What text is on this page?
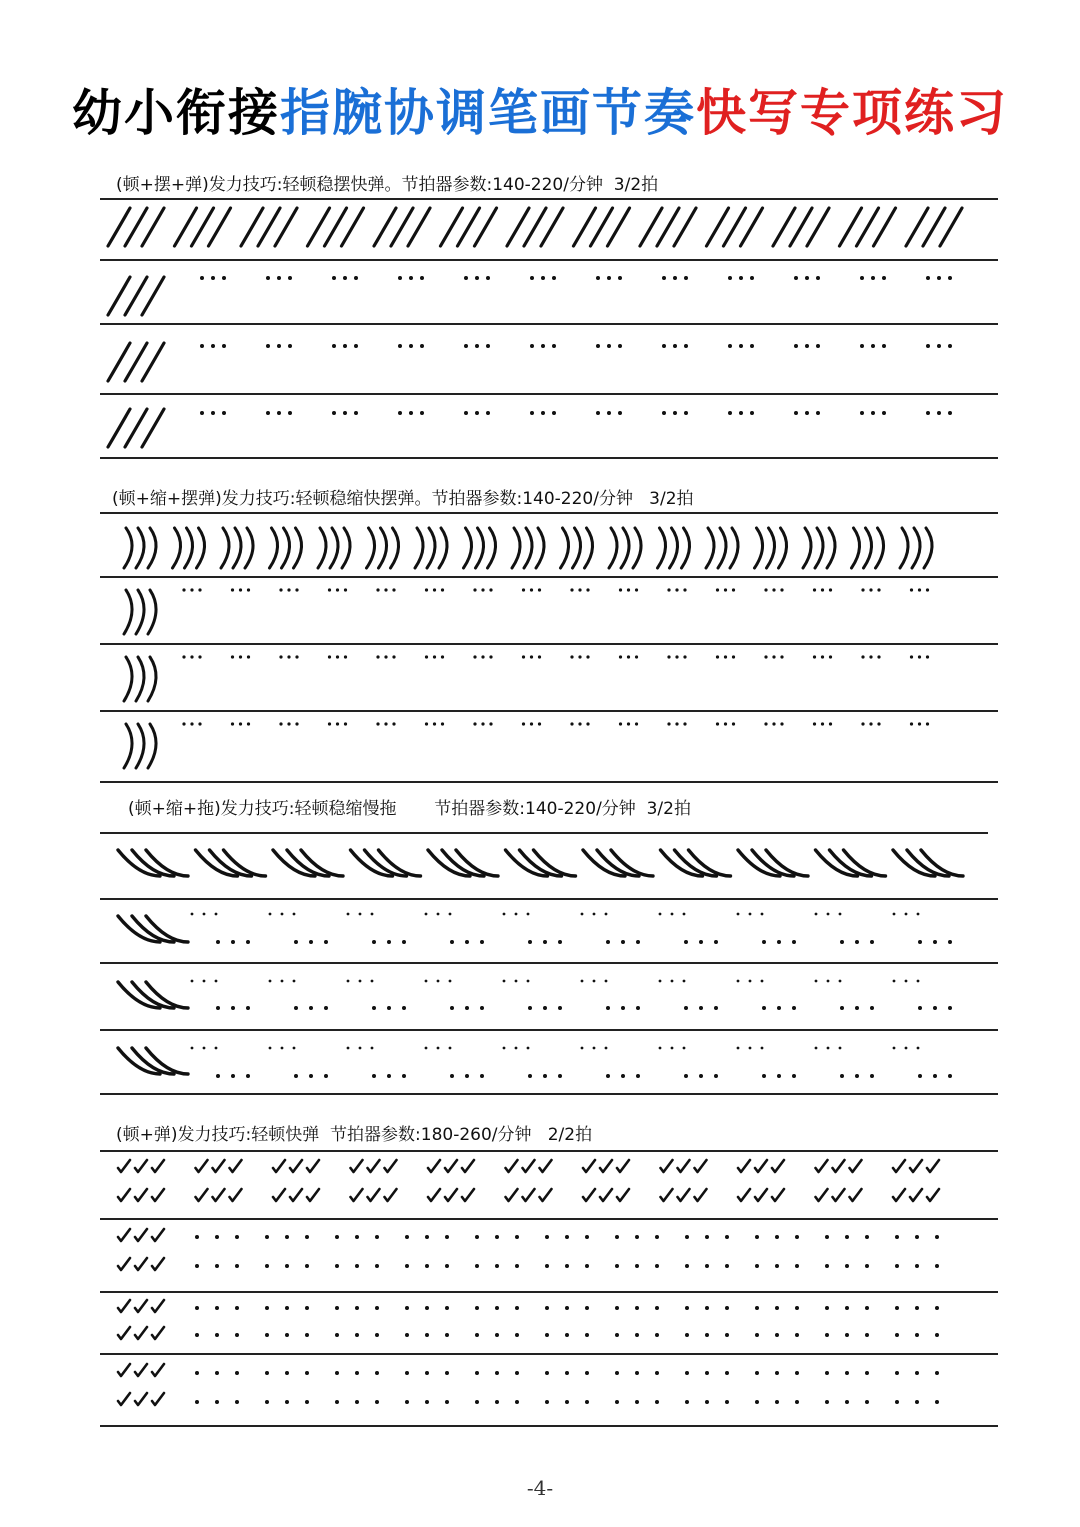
幼小衔接指腕协调笔画节奏快写专项练习
(顿+摆+弹)发力技巧:轻顿稳摆快弹。节拍器参数:140-220/分钟  3/2拍
(顿+缩+摆弹)发力技巧:轻顿稳缩快摆弹。节拍器参数:140-220/分钟   3/2拍
(顿+缩+拖)发力技巧:轻顿稳缩慢拖       节拍器参数:140-220/分钟  3/2拍
(顿+弹)发力技巧:轻顿快弹  节拍器参数:180-260/分钟   2/2拍
-4-
